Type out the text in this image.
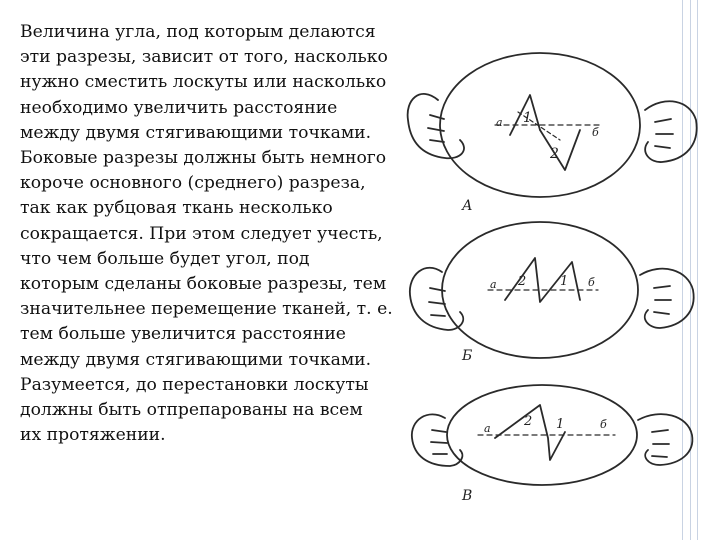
Величина угла, под которым делаются
эти разрезы, зависит от того, насколько
нужно сместить лоскуты или насколько
необходимо увеличить расстояние
между двумя стягивающими точками.
Боковые разрезы должны быть немного
короче основного (среднего) разреза,
так как рубцовая ткань несколько
сокращается. При этом следует учесть,
что чем больше будет угол, под
которым сделаны боковые разрезы, тем
значительнее перемещение тканей, т. е.
тем больше увеличится расстояние
между двумя стягивающими точками.
Разумеется, до перестановки лоскуты
должны быть отпрепарованы на всем
их протяжении.
a 1
2
б
А
a 2	1 б
Б
a	2 1	б
В
